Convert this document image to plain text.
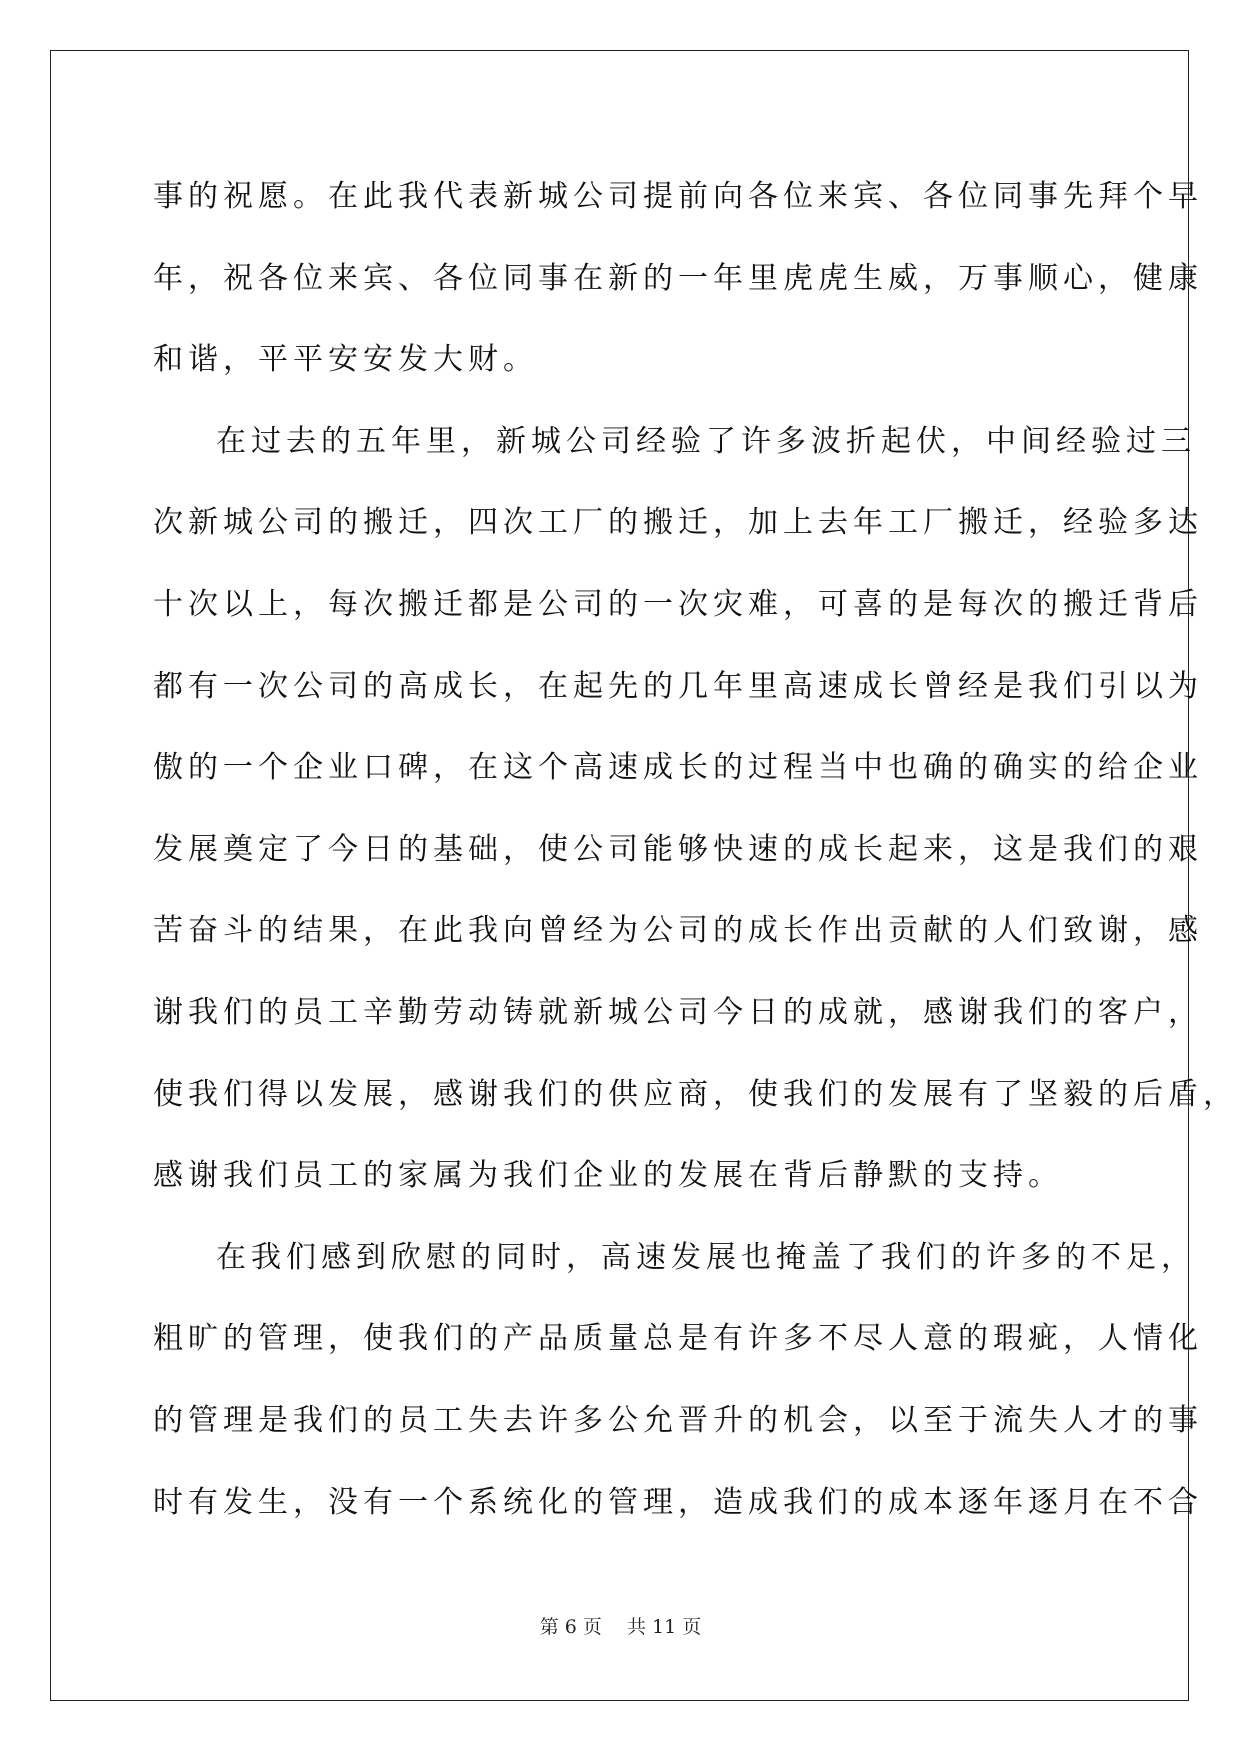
事的祝愿。在此我代表新城公司提前向各位来宾、各位同事先拜个早
年，祝各位来宾、各位同事在新的一年里虎虎生威，万事顺心，健康
和谐，平平安安发大财。
在过去的五年里，新城公司经验了许多波折起伏，中间经验过三
次新城公司的搬迁，四次工厂的搬迁，加上去年工厂搬迁，经验多达
十次以上，每次搬迁都是公司的一次灾难，可喜的是每次的搬迁背后
都有一次公司的高成长，在起先的几年里高速成长曾经是我们引以为
傲的一个企业口碑，在这个高速成长的过程当中也确的确实的给企业
发展奠定了今日的基础，使公司能够快速的成长起来，这是我们的艰
苦奋斗的结果，在此我向曾经为公司的成长作出贡献的人们致谢，感
谢我们的员工辛勤劳动铸就新城公司今日的成就，感谢我们的客户，
使我们得以发展，感谢我们的供应商，使我们的发展有了坚毅的后盾，
感谢我们员工的家属为我们企业的发展在背后静默的支持。
在我们感到欣慰的同时，高速发展也掩盖了我们的许多的不足，
粗旷的管理，使我们的产品质量总是有许多不尽人意的瑕疵，人情化
的管理是我们的员工失去许多公允晋升的机会，以至于流失人才的事
时有发生，没有一个系统化的管理，造成我们的成本逐年逐月在不合
第 6 页　 共 11 页
